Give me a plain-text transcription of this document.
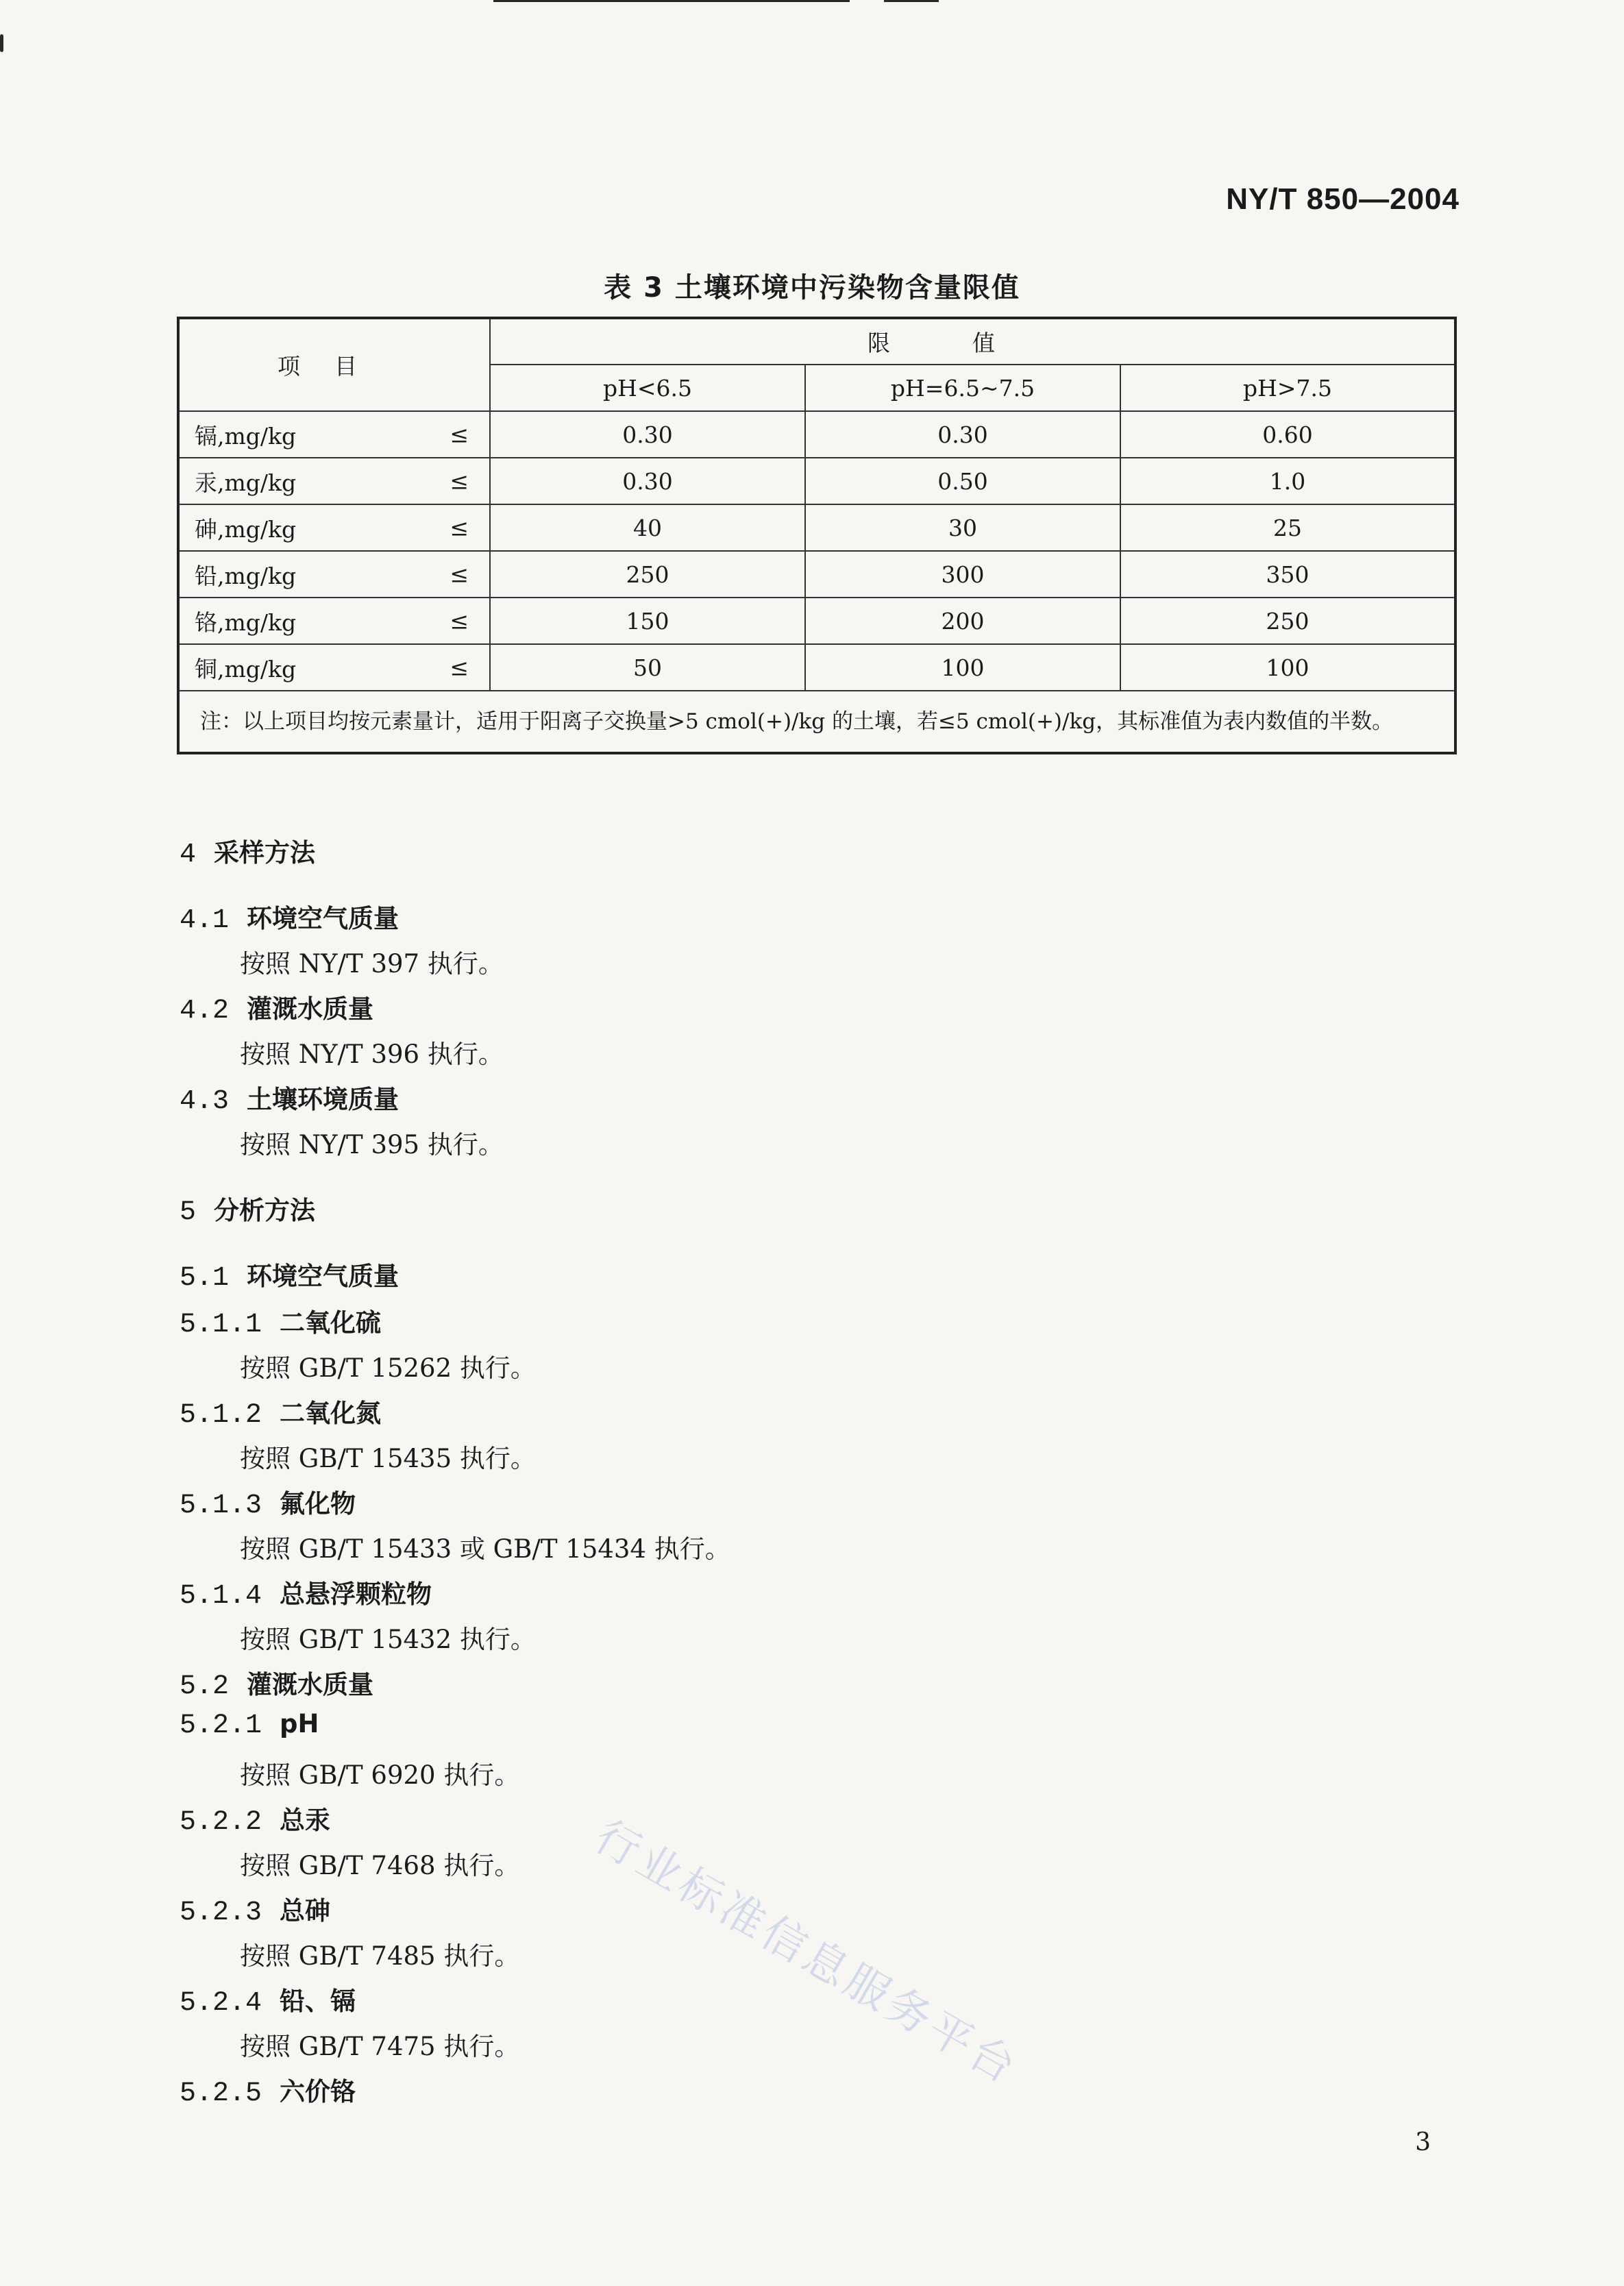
NY/T 850—2004
表 3 土壤环境中污染物含量限值
项目	限值		
	pH<6.5	pH=6.5~7.5	pH>7.5
镉,mg/kg ≤	0.30	0.30	0.60
汞,mg/kg ≤	0.30	0.50	1.0
砷,mg/kg ≤	40	30	25
铅,mg/kg ≤	250	300	350
铬,mg/kg ≤	150	200	250
铜,mg/kg ≤	50	100	100
注：以上项目均按元素量计，适用于阳离子交换量>5 cmol(+)/kg 的土壤，若≤5 cmol(+)/kg，其标准值为表内数值的半数。			
4 采样方法
4.1 环境空气质量
按照 NY/T 397 执行。
4.2 灌溉水质量
按照 NY/T 396 执行。
4.3 土壤环境质量
按照 NY/T 395 执行。
5 分析方法
5.1 环境空气质量
5.1.1 二氧化硫
按照 GB/T 15262 执行。
5.1.2 二氧化氮
按照 GB/T 15435 执行。
5.1.3 氟化物
按照 GB/T 15433 或 GB/T 15434 执行。
5.1.4 总悬浮颗粒物
按照 GB/T 15432 执行。
5.2 灌溉水质量
5.2.1 pH
按照 GB/T 6920 执行。
5.2.2 总汞
按照 GB/T 7468 执行。
5.2.3 总砷
按照 GB/T 7485 执行。
5.2.4 铅、镉
按照 GB/T 7475 执行。
5.2.5 六价铬	行业标准信息服务平台
3
